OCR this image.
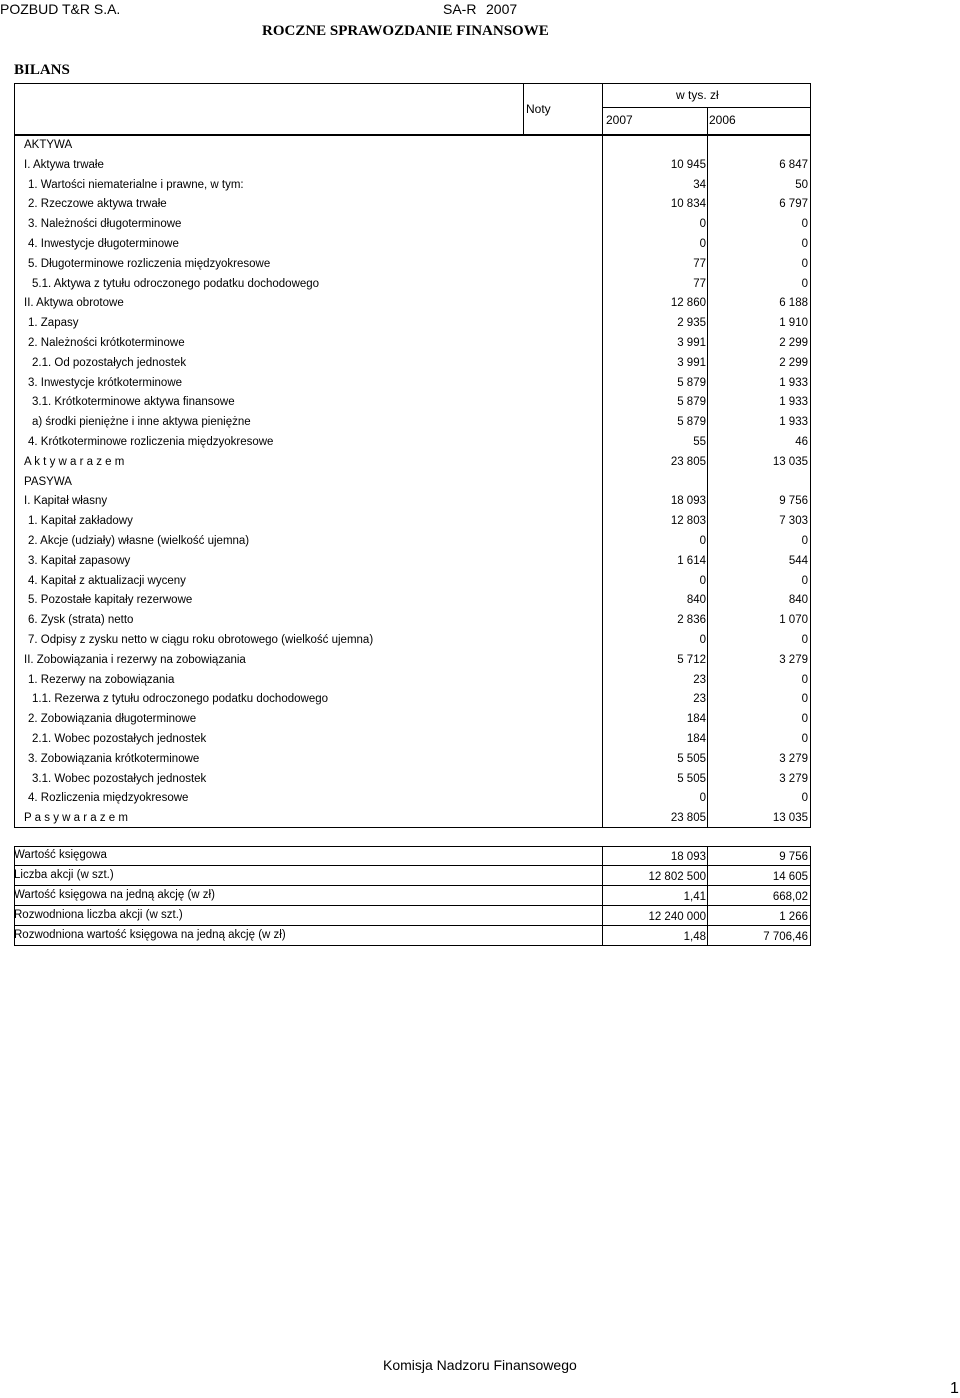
POZBUD T&R S.A.	SA-R 2007
ROCZNE SPRAWOZDANIE FINANSOWE
BILANS
Noty
w tys. zł
2007	2006
AKTYWA
I. Aktywa trwałe	10 945	6 847
1. Wartości niematerialne i prawne, w tym:	34	50
2. Rzeczowe aktywa trwałe	10 834	6 797
3. Należności długoterminowe	0	0
4. Inwestycje długoterminowe	0	0
5. Długoterminowe rozliczenia międzyokresowe	77	0
5.1. Aktywa z tytułu odroczonego podatku dochodowego	77	0
II. Aktywa obrotowe	12 860	6 188
1. Zapasy	2 935	1 910
2. Należności krótkoterminowe	3 991	2 299
2.1. Od pozostałych jednostek	3 991	2 299
3. Inwestycje krótkoterminowe	5 879	1 933
3.1. Krótkoterminowe aktywa finansowe	5 879	1 933
a) środki pieniężne i inne aktywa pieniężne	5 879	1 933
4. Krótkoterminowe rozliczenia międzyokresowe	55	46
A k t y w a r a z e m	23 805	13 035
PASYWA
I. Kapitał własny	18 093	9 756
1. Kapitał zakładowy	12 803	7 303
2. Akcje (udziały) własne (wielkość ujemna)	0	0
3. Kapitał zapasowy	1 614	544
4. Kapitał z aktualizacji wyceny	0	0
5. Pozostałe kapitały rezerwowe	840	840
6. Zysk (strata) netto	2 836	1 070
7. Odpisy z zysku netto w ciągu roku obrotowego (wielkość ujemna)	0	0
II. Zobowiązania i rezerwy na zobowiązania	5 712	3 279
1. Rezerwy na zobowiązania	23	0
1.1. Rezerwa z tytułu odroczonego podatku dochodowego	23	0
2. Zobowiązania długoterminowe	184	0
2.1. Wobec pozostałych jednostek	184	0
3. Zobowiązania krótkoterminowe	5 505	3 279
3.1. Wobec pozostałych jednostek	5 505	3 279
4. Rozliczenia międzyokresowe	0	0
P a s y w a r a z e m	23 805	13 035
Wartość księgowa	18 093	9 756
Liczba akcji (w szt.)	12 802 500	14 605
Wartość księgowa na jedną akcję (w zł)	1,41	668,02
Rozwodniona liczba akcji (w szt.)	12 240 000	1 266
Rozwodniona wartość księgowa na jedną akcję (w zł)	1,48	7 706,46
Komisja Nadzoru Finansowego
1
